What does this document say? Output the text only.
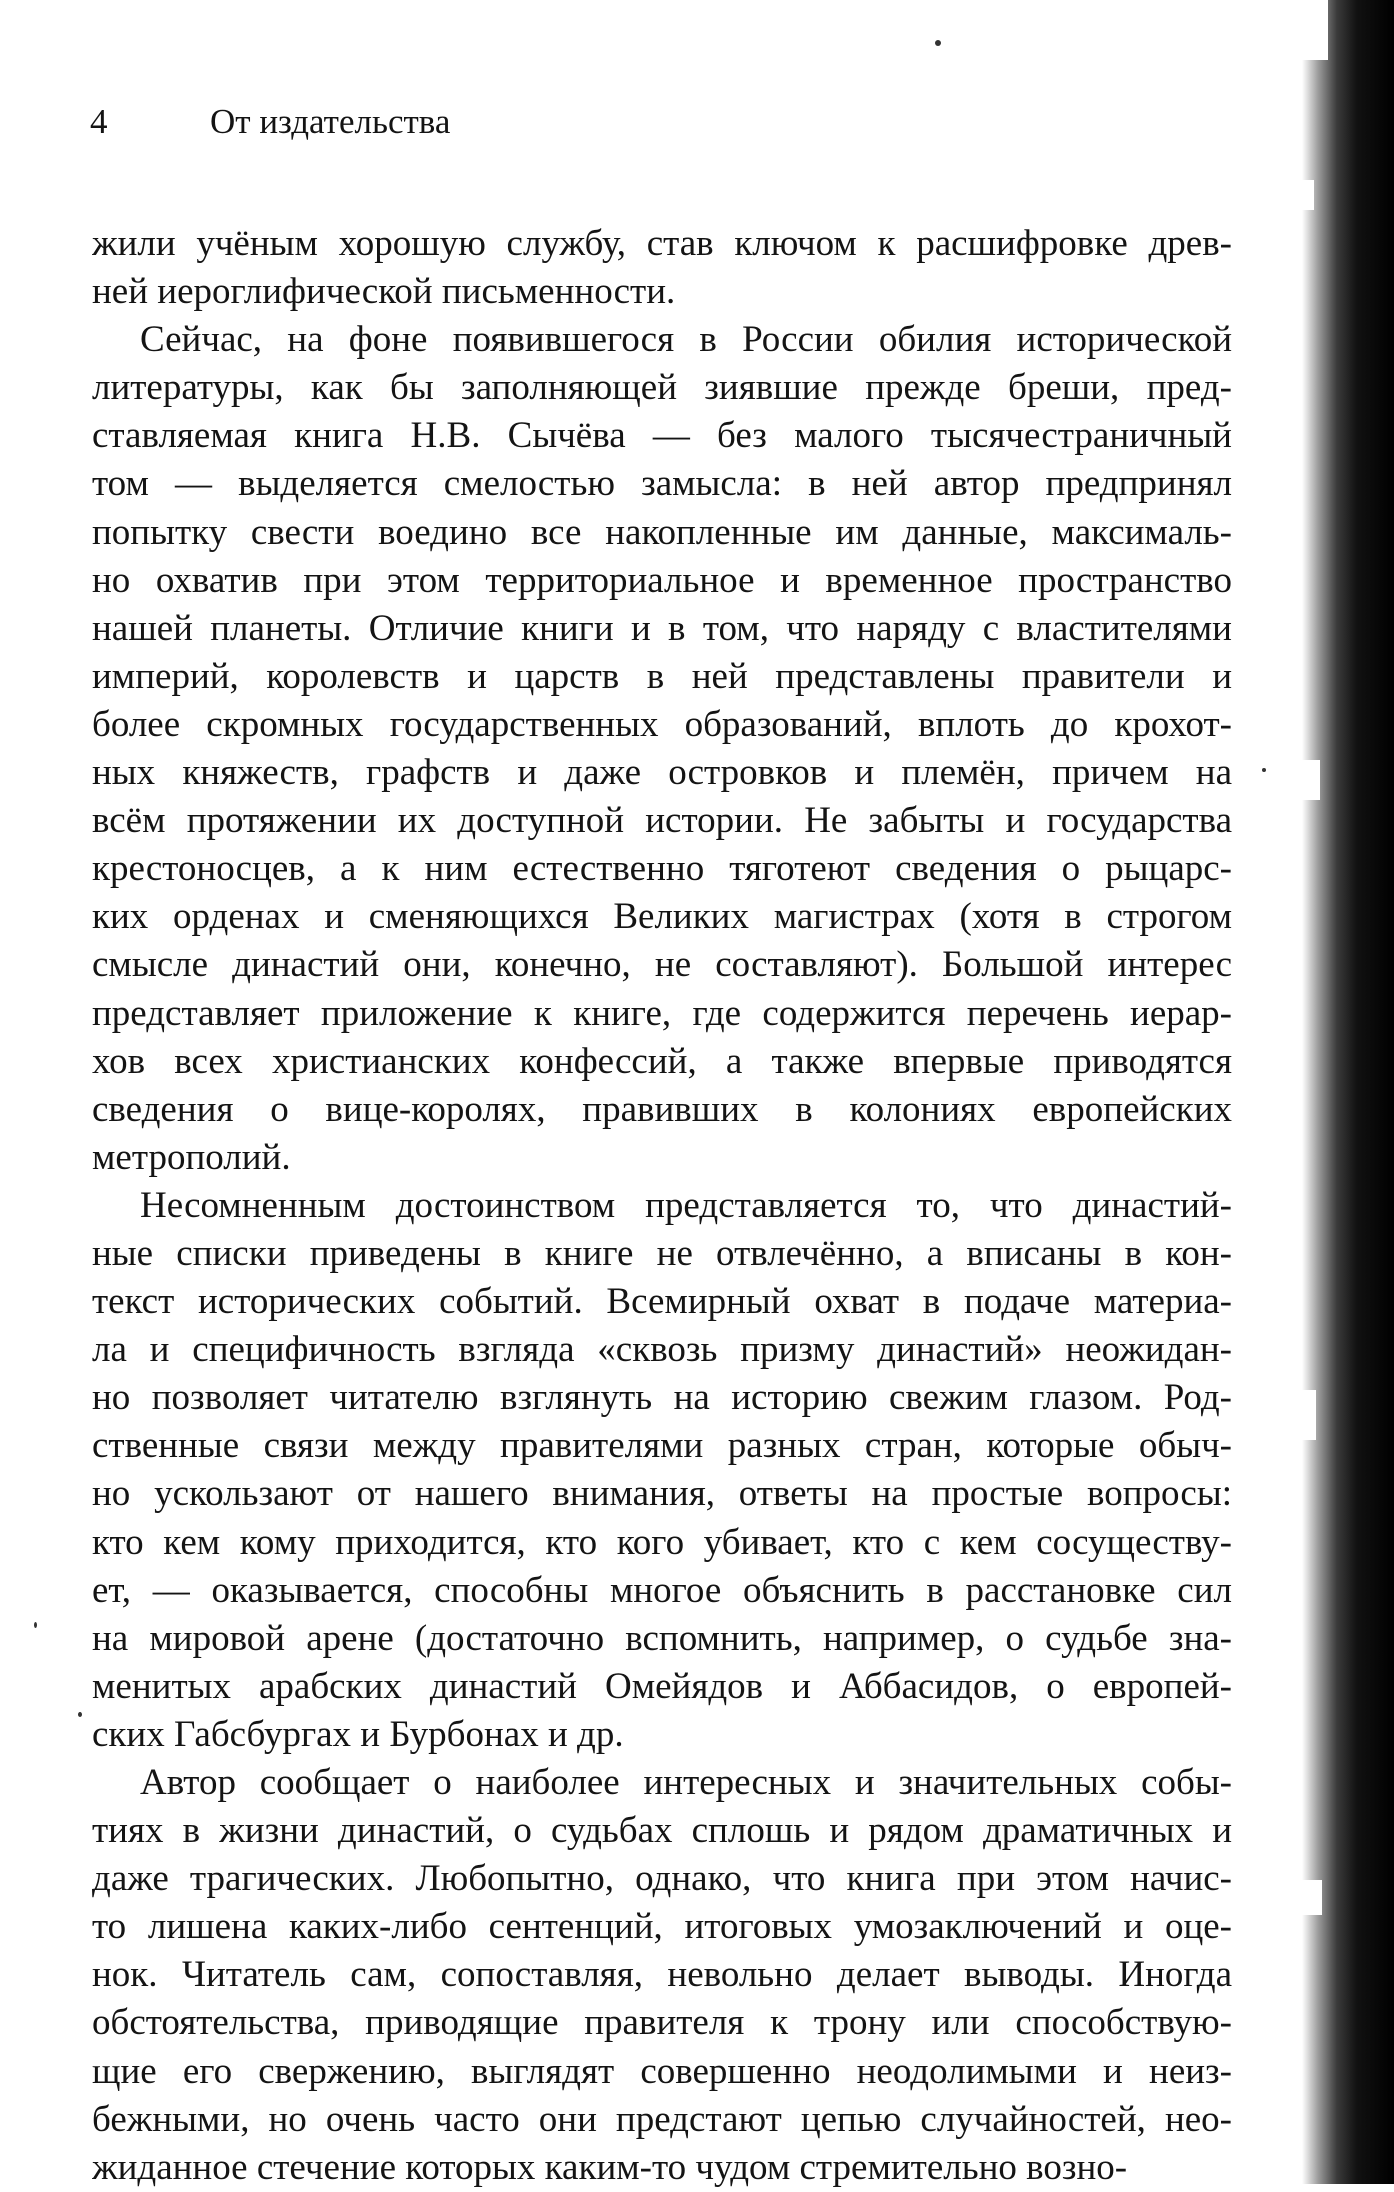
4	От издательства
жили учёным хорошую службу, став ключом к расшифровке древ-
ней иероглифической письменности.
Сейчас, на фоне появившегося в России обилия исторической
литературы, как бы заполняющей зиявшие прежде бреши, пред-
ставляемая книга Н.В. Сычёва — без малого тысячестраничный
том — выделяется смелостью замысла: в ней автор предпринял
попытку свести воедино все накопленные им данные, максималь-
но охватив при этом территориальное и временное пространство
нашей планеты. Отличие книги и в том, что наряду с властителями
империй, королевств и царств в ней представлены правители и
более скромных государственных образований, вплоть до крохот-
ных княжеств, графств и даже островков и племён, причем на
всём протяжении их доступной истории. Не забыты и государства
крестоносцев, а к ним естественно тяготеют сведения о рыцарс-
ких орденах и сменяющихся Великих магистрах (хотя в строгом
смысле династий они, конечно, не составляют). Большой интерес
представляет приложение к книге, где содержится перечень иерар-
хов всех христианских конфессий, а также впервые приводятся
сведения о вице-королях, правивших в колониях европейских
метрополий.
Несомненным достоинством представляется то, что династий-
ные списки приведены в книге не отвлечённо, а вписаны в кон-
текст исторических событий. Всемирный охват в подаче материа-
ла и специфичность взгляда «сквозь призму династий» неожидан-
но позволяет читателю взглянуть на историю свежим глазом. Род-
ственные связи между правителями разных стран, которые обыч-
но ускользают от нашего внимания, ответы на простые вопросы:
кто кем кому приходится, кто кого убивает, кто с кем сосуществу-
ет, — оказывается, способны многое объяснить в расстановке сил
на мировой арене (достаточно вспомнить, например, о судьбе зна-
менитых арабских династий Омейядов и Аббасидов, о европей-
ских Габсбургах и Бурбонах и др.
Автор сообщает о наиболее интересных и значительных собы-
тиях в жизни династий, о судьбах сплошь и рядом драматичных и
даже трагических. Любопытно, однако, что книга при этом начис-
то лишена каких-либо сентенций, итоговых умозаключений и оце-
нок. Читатель сам, сопоставляя, невольно делает выводы. Иногда
обстоятельства, приводящие правителя к трону или способствую-
щие его свержению, выглядят совершенно неодолимыми и неиз-
бежными, но очень часто они предстают цепью случайностей, нео-
жиданное стечение которых каким-то чудом стремительно возно-
